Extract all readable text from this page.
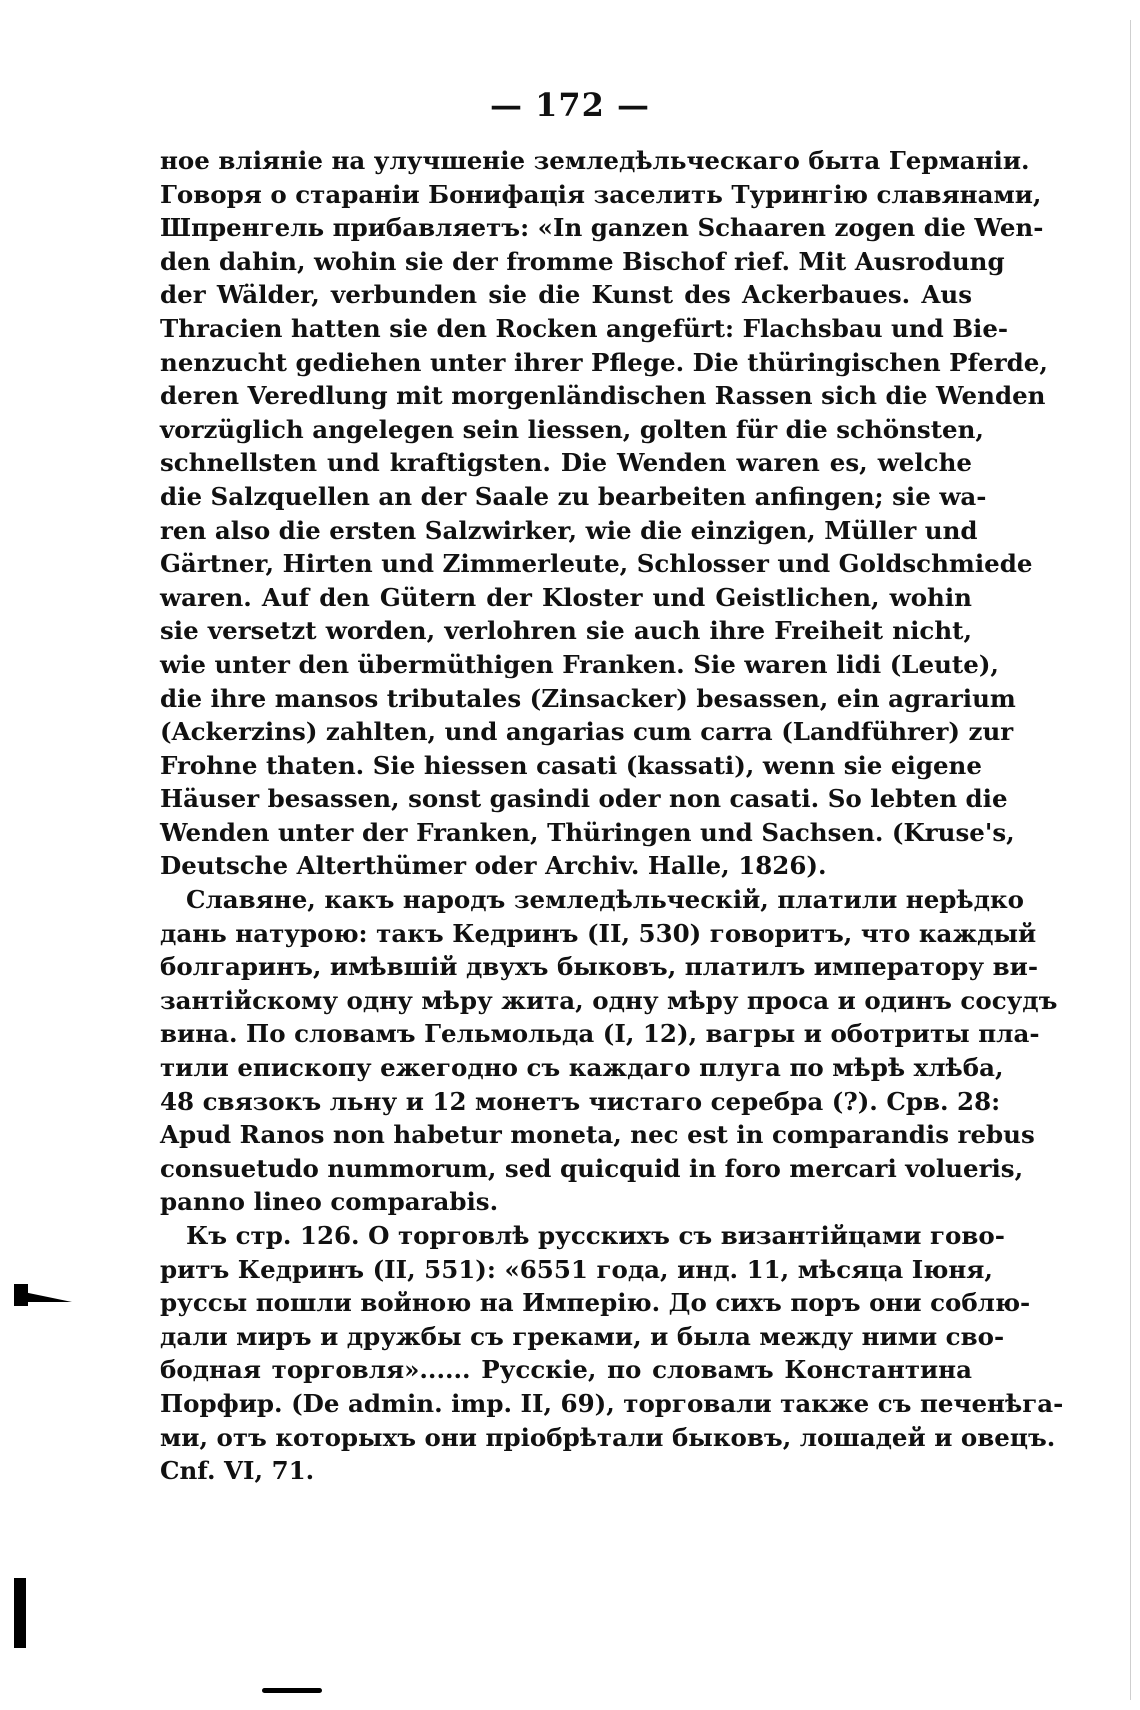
— 172 —
ное вліяніе на улучшеніе земледѣльческаго быта Германіи.
Говоря о стараніи Бонифація заселить Турингію славянами,
Шпренгель прибавляетъ: «In ganzen Schaaren zogen die Wen-
den dahin, wohin sie der fromme Bischof rief. Mit Ausrodung
der Wälder, verbunden sie die Kunst des Ackerbaues. Aus
Thracien hatten sie den Rocken angefürt: Flachsbau und Bie-
nenzucht gediehen unter ihrer Pflege. Die thüringischen Pferde,
deren Veredlung mit morgenländischen Rassen sich die Wenden
vorzüglich angelegen sein liessen, golten für die schönsten,
schnellsten und kraftigsten. Die Wenden waren es, welche
die Salzquellen an der Saale zu bearbeiten anfingen; sie wa-
ren also die ersten Salzwirker, wie die einzigen, Müller und
Gärtner, Hirten und Zimmerleute, Schlosser und Goldschmiede
waren. Auf den Gütern der Kloster und Geistlichen, wohin
sie versetzt worden, verlohren sie auch ihre Freiheit nicht,
wie unter den übermüthigen Franken. Sie waren lidi (Leute),
die ihre mansos tributales (Zinsacker) besassen, ein agrarium
(Ackerzins) zahlten, und angarias cum carra (Landführer) zur
Frohne thaten. Sie hiessen casati (kassati), wenn sie eigene
Häuser besassen, sonst gasindi oder non casati. So lebten die
Wenden unter der Franken, Thüringen und Sachsen. (Kruse's,
Deutsche Alterthümer oder Archiv. Halle, 1826).
Славяне, какъ народъ земледѣльческій, платили нерѣдко
дань натурою: такъ Кедринъ (II, 530) говоритъ, что каждый
болгаринъ, имѣвшій двухъ быковъ, платилъ императору ви-
зантійскому одну мѣру жита, одну мѣру проса и одинъ сосудъ
вина. По словамъ Гельмольда (I, 12), вагры и оботриты пла-
тили епископу ежегодно съ каждаго плуга по мѣрѣ хлѣба,
48 связокъ льну и 12 монетъ чистаго серебра (?). Срв. 28:
Apud Ranos non habetur moneta, nec est in comparandis rebus
consuetudo nummorum, sed quicquid in foro mercari volueris,
panno lineo comparabis.
Къ стр. 126. О торговлѣ русскихъ съ византійцами гово-
ритъ Кедринъ (II, 551): «6551 года, инд. 11, мѣсяца Іюня,
руссы пошли войною на Имперію. До сихъ поръ они соблю-
дали миръ и дружбы съ греками, и была между ними сво-
бодная торговля»...... Русскіе, по словамъ Константина
Порфир. (De admin. imp. II, 69), торговали также съ печенѣга-
ми, отъ которыхъ они пріобрѣтали быковъ, лошадей и овецъ.
Cnf. VI, 71.
